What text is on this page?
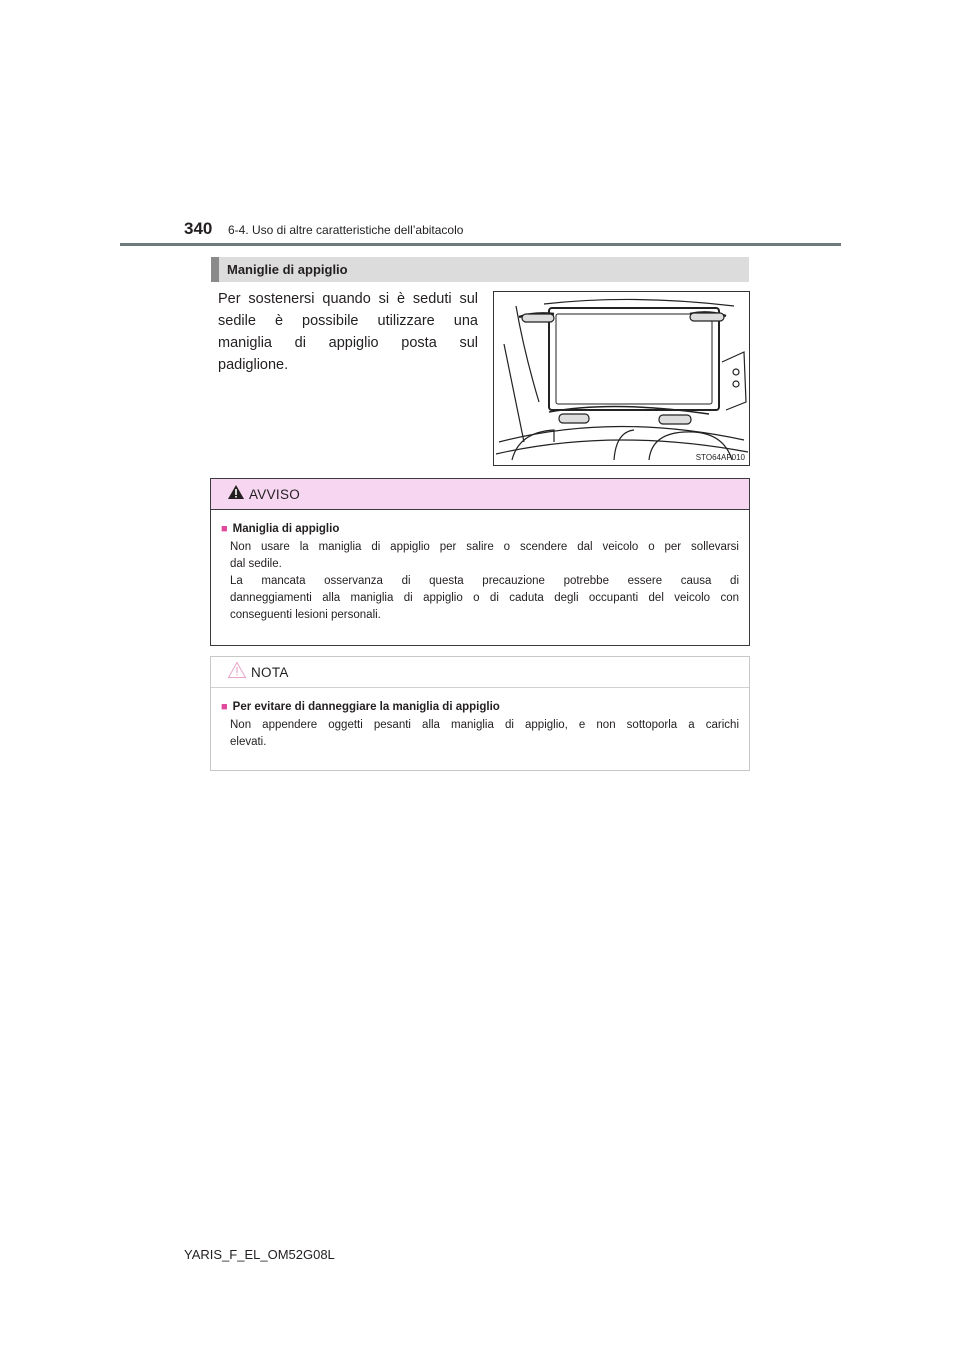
340 6-4. Uso di altre caratteristiche dell’abitacolo
Maniglie di appiglio
Per sostenersi quando si è seduti sul
sedile è possibile utilizzare una
maniglia di appiglio posta sul
padiglione.
STO64AP010
AVVISO
■ Maniglia di appiglio

Non usare la maniglia di appiglio per salire o scendere dal veicolo o per sollevarsi

dal sedile.

La mancata osservanza di questa precauzione potrebbe essere causa di

danneggiamenti alla maniglia di appiglio o di caduta degli occupanti del veicolo con

conseguenti lesioni personali.

NOTA
■ Per evitare di danneggiare la maniglia di appiglio

Non appendere oggetti pesanti alla maniglia di appiglio, e non sottoporla a carichi

elevati.

YARIS_F_EL_OM52G08L
